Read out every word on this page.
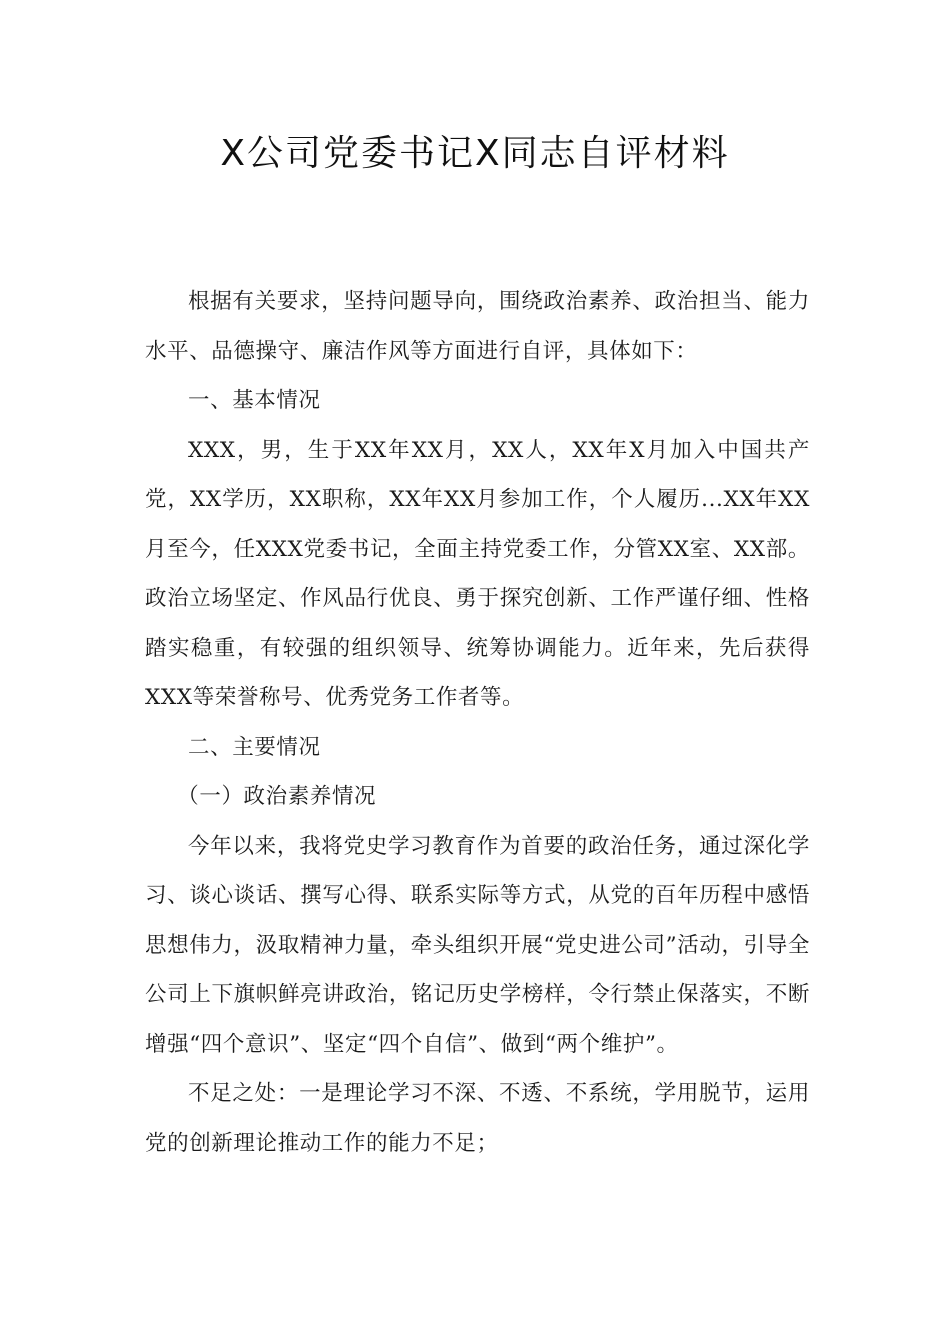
X公司党委书记X同志自评材料

根据有关要求，坚持问题导向，围绕政治素养、政治担当、能力水平、品德操守、廉洁作风等方面进行自评，具体如下：

一、基本情况

XXX，男，生于XX年XX月，XX人，XX年X月加入中国共产党，XX学历，XX职称，XX年XX月参加工作，个人履历...XX年XX月至今，任XXX党委书记，全面主持党委工作，分管XX室、XX部。政治立场坚定、作风品行优良、勇于探究创新、工作严谨仔细、性格踏实稳重，有较强的组织领导、统筹协调能力。近年来，先后获得XXX等荣誉称号、优秀党务工作者等。

二、主要情况

（一）政治素养情况

今年以来，我将党史学习教育作为首要的政治任务，通过深化学习、谈心谈话、撰写心得、联系实际等方式，从党的百年历程中感悟思想伟力，汲取精神力量，牵头组织开展“党史进公司”活动，引导全公司上下旗帜鲜亮讲政治，铭记历史学榜样，令行禁止保落实，不断增强“四个意识”、坚定“四个自信”、做到“两个维护”。

不足之处：一是理论学习不深、不透、不系统，学用脱节，运用党的创新理论推动工作的能力不足；
